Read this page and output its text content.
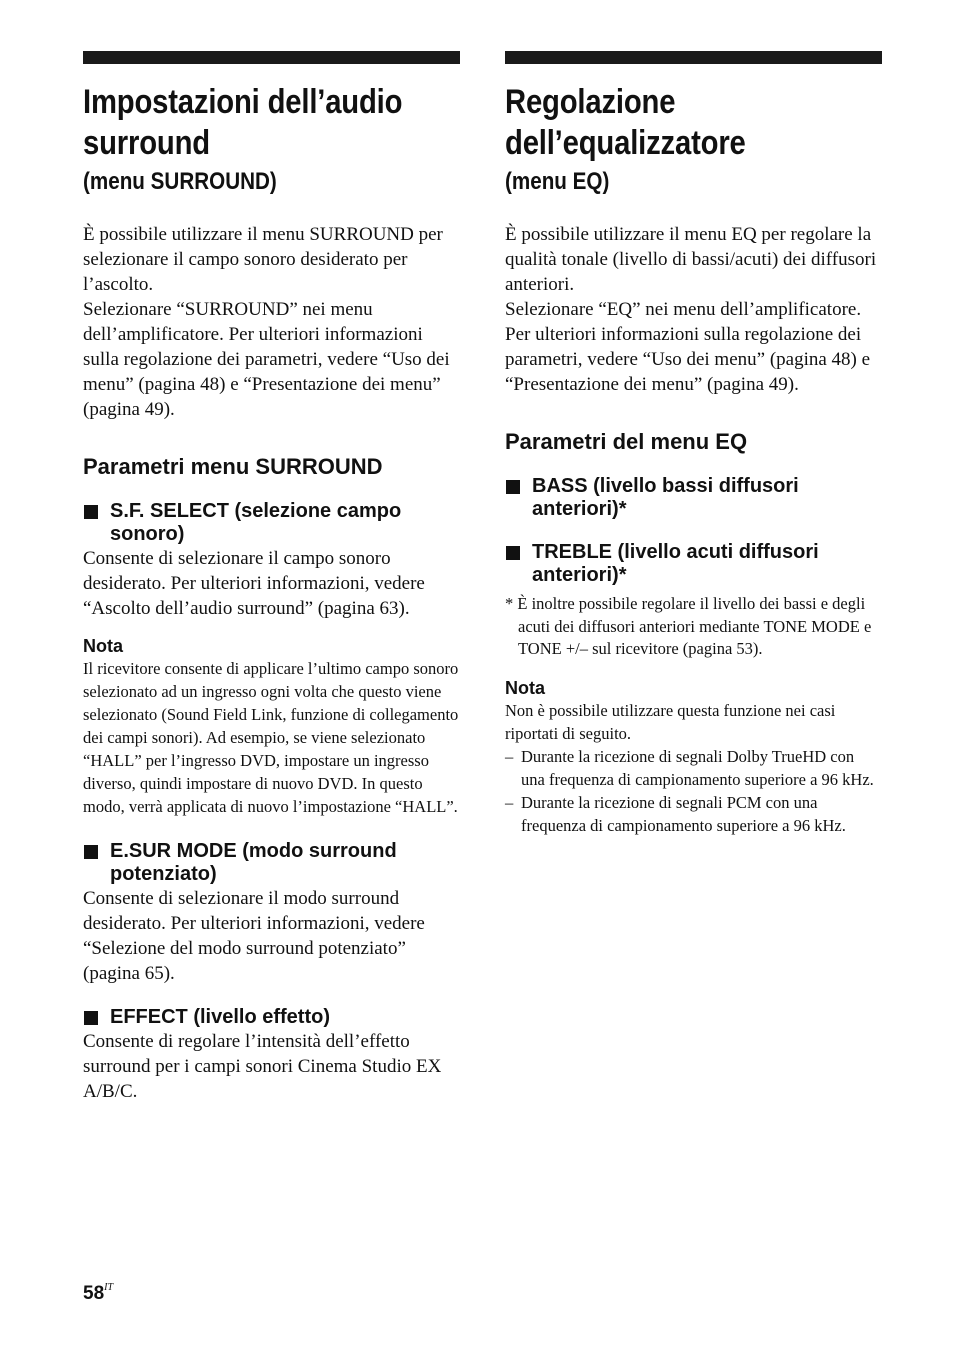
Impostazioni dell’audio
surround
(menu SURROUND)

È possibile utilizzare il menu SURROUND per selezionare il campo sonoro desiderato per l’ascolto.

Selezionare “SURROUND” nei menu dell’amplificatore. Per ulteriori informazioni sulla regolazione dei parametri, vedere “Uso dei menu” (pagina 48) e “Presentazione dei menu” (pagina 49).

Parametri menu SURROUND
S.F. SELECT (selezione campo sonoro)

Consente di selezionare il campo sonoro desiderato. Per ulteriori informazioni, vedere “Ascolto dell’audio surround” (pagina 63).

Nota

Il ricevitore consente di applicare l’ultimo campo sonoro selezionato ad un ingresso ogni volta che questo viene selezionato (Sound Field Link, funzione di collegamento dei campi sonori). Ad esempio, se viene selezionato “HALL” per l’ingresso DVD, impostare un ingresso diverso, quindi impostare di nuovo DVD. In questo modo, verrà applicata di nuovo l’impostazione “HALL”.

E.SUR MODE (modo surround potenziato)

Consente di selezionare il modo surround desiderato. Per ulteriori informazioni, vedere “Selezione del modo surround potenziato” (pagina 65).

EFFECT (livello effetto)

Consente di regolare l’intensità dell’effetto surround per i campi sonori Cinema Studio EX A/B/C.

Regolazione
dell’equalizzatore
(menu EQ)

È possibile utilizzare il menu EQ per regolare la qualità tonale (livello di bassi/acuti) dei diffusori anteriori.

Selezionare “EQ” nei menu dell’amplificatore. Per ulteriori informazioni sulla regolazione dei parametri, vedere “Uso dei menu” (pagina 48) e “Presentazione dei menu” (pagina 49).

Parametri del menu EQ
BASS (livello bassi diffusori anteriori)*
TREBLE (livello acuti diffusori anteriori)*

* È inoltre possibile regolare il livello dei bassi e degli acuti dei diffusori anteriori mediante TONE MODE e TONE +/– sul ricevitore (pagina 53).

Nota

Non è possibile utilizzare questa funzione nei casi riportati di seguito.

– Durante la ricezione di segnali Dolby TrueHD con una frequenza di campionamento superiore a 96 kHz.

– Durante la ricezione di segnali PCM con una frequenza di campionamento superiore a 96 kHz.

$58^{IT}$
